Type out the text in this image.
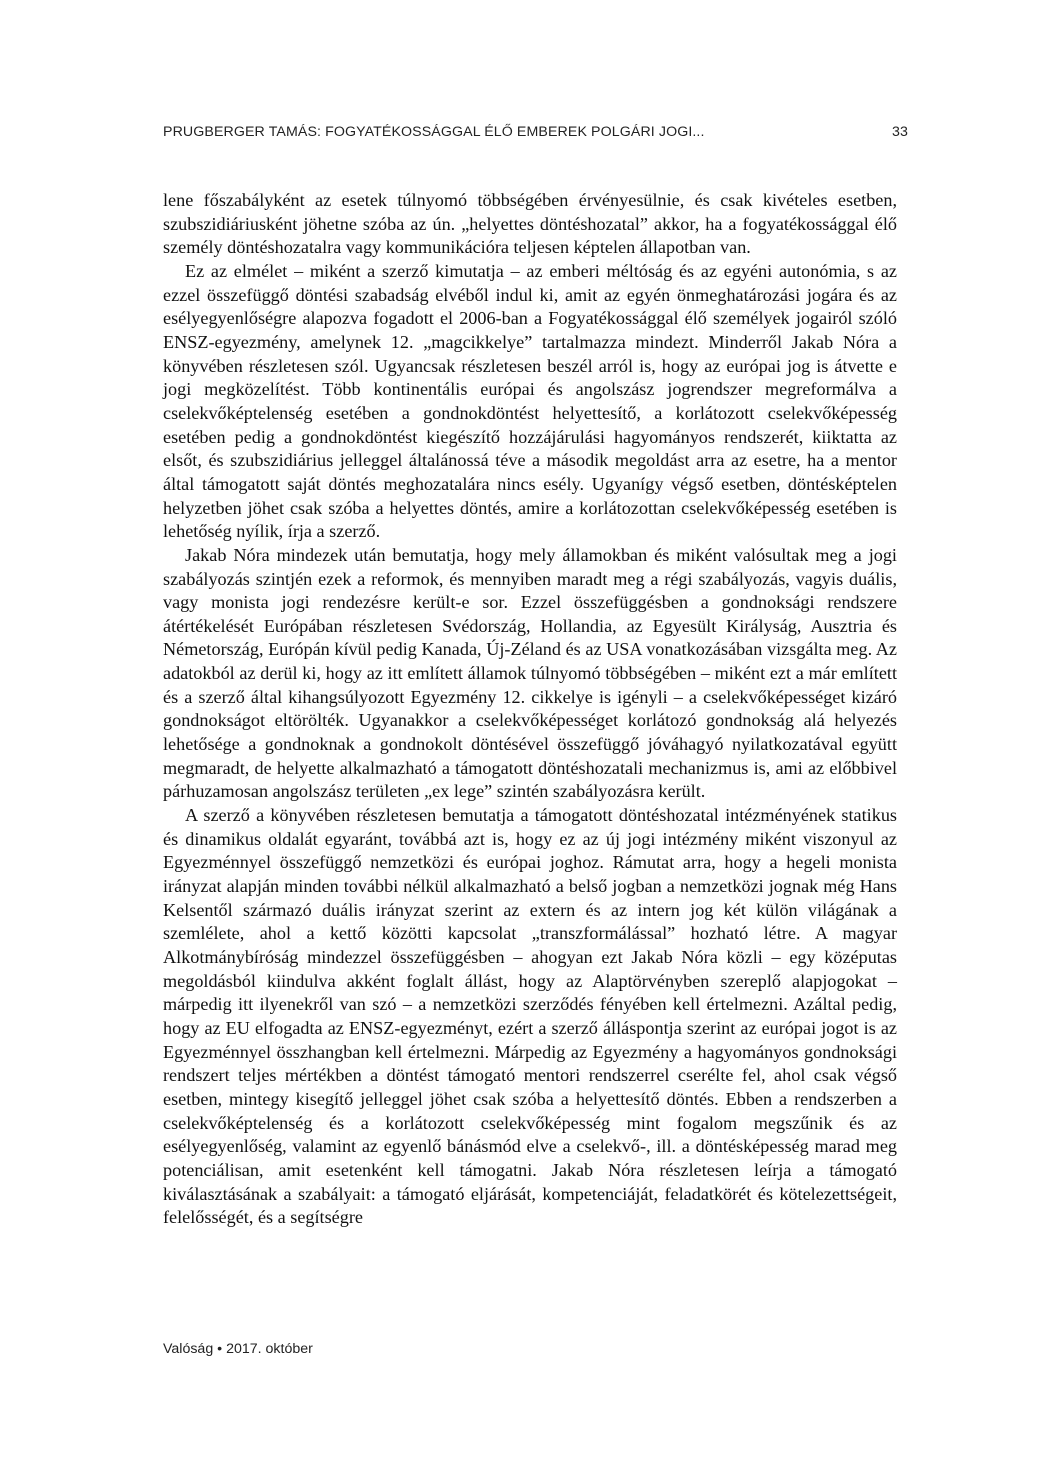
PRUGBERGER TAMÁS: FOGYATÉKOSSÁGGAL ÉLŐ EMBEREK POLGÁRI JOGI...	33

lene főszabályként az esetek túlnyomó többségében érvényesülnie, és csak kivételes esetben, szubszidiáriusként jöhetne szóba az ún. „helyettes döntéshozatal” akkor, ha a fogyatékossággal élő személy döntéshozatalra vagy kommunikációra teljesen képtelen állapotban van.

Ez az elmélet – miként a szerző kimutatja – az emberi méltóság és az egyéni autonómia, s az ezzel összefüggő döntési szabadság elvéből indul ki, amit az egyén önmeghatározási jogára és az esélyegyenlőségre alapozva fogadott el 2006-ban a Fogyatékossággal élő személyek jogairól szóló ENSZ-egyezmény, amelynek 12. „magcikkelye” tartalmazza mindezt. Minderről Jakab Nóra a könyvében részletesen szól. Ugyancsak részletesen beszél arról is, hogy az európai jog is átvette e jogi megközelítést. Több kontinentális európai és angolszász jogrendszer megreformálva a cselekvőképtelenség esetében a gondnokdöntést helyettesítő, a korlátozott cselekvőképesség esetében pedig a gondnokdöntést kiegészítő hozzájárulási hagyományos rendszerét, kiiktatta az elsőt, és szubszidiárius jelleggel általánossá téve a második megoldást arra az esetre, ha a mentor által támogatott saját döntés meghozatalára nincs esély. Ugyanígy végső esetben, döntésképtelen helyzetben jöhet csak szóba a helyettes döntés, amire a korlátozottan cselekvőképesség esetében is lehetőség nyílik, írja a szerző.

Jakab Nóra mindezek után bemutatja, hogy mely államokban és miként valósultak meg a jogi szabályozás szintjén ezek a reformok, és mennyiben maradt meg a régi szabályozás, vagyis duális, vagy monista jogi rendezésre került-e sor. Ezzel összefüggésben a gondnoksági rendszere átértékelését Európában részletesen Svédország, Hollandia, az Egyesült Királyság, Ausztria és Németország, Európán kívül pedig Kanada, Új-Zéland és az USA vonatkozásában vizsgálta meg. Az adatokból az derül ki, hogy az itt említett államok túlnyomó többségében – miként ezt a már említett és a szerző által kihangsúlyozott Egyezmény 12. cikkelye is igényli – a cselekvőképességet kizáró gondnokságot eltörölték. Ugyanakkor a cselekvőképességet korlátozó gondnokság alá helyezés lehetősége a gondnoknak a gondnokolt döntésével összefüggő jóváhagyó nyilatkozatával együtt megmaradt, de helyette alkalmazható a támogatott döntéshozatali mechanizmus is, ami az előbbivel párhuzamosan angolszász területen „ex lege” szintén szabályozásra került.

A szerző a könyvében részletesen bemutatja a támogatott döntéshozatal intézményének statikus és dinamikus oldalát egyaránt, továbbá azt is, hogy ez az új jogi intézmény miként viszonyul az Egyezménnyel összefüggő nemzetközi és európai joghoz. Rámutat arra, hogy a hegeli monista irányzat alapján minden további nélkül alkalmazható a belső jogban a nemzetközi jognak még Hans Kelsentől származó duális irányzat szerint az extern és az intern jog két külön világának a szemlélete, ahol a kettő közötti kapcsolat „transzformálással” hozható létre. A magyar Alkotmánybíróság mindezzel összefüggésben – ahogyan ezt Jakab Nóra közli – egy középutas megoldásból kiindulva akként foglalt állást, hogy az Alaptörvényben szereplő alapjogokat – márpedig itt ilyenekről van szó – a nemzetközi szerződés fényében kell értelmezni. Azáltal pedig, hogy az EU elfogadta az ENSZ-egyezményt, ezért a szerző álláspontja szerint az európai jogot is az Egyezménnyel összhangban kell értelmezni. Márpedig az Egyezmény a hagyományos gondnoksági rendszert teljes mértékben a döntést támogató mentori rendszerrel cserélte fel, ahol csak végső esetben, mintegy kisegítő jelleggel jöhet csak szóba a helyettesítő döntés. Ebben a rendszerben a cselekvőképtelenség és a korlátozott cselekvőképesség mint fogalom megszűnik és az esélyegyenlőség, valamint az egyenlő bánásmód elve a cselekvő-, ill. a döntésképesség marad meg potenciálisan, amit esetenként kell támogatni. Jakab Nóra részletesen leírja a támogató kiválasztásának a szabályait: a támogató eljárását, kompetenciáját, feladatkörét és kötelezettségeit, felelősségét, és a segítségre

Valóság • 2017. október
